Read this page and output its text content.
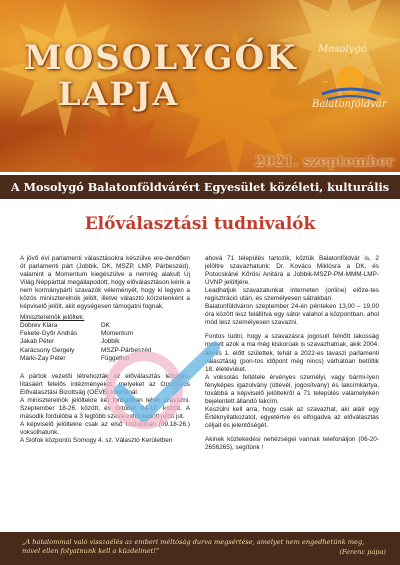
MOSOLYGÓK
LAPJA
Mosolygó
Balatonföldvár
2021. szeptember
A Mosolygó Balatonföldvárért Egyesület közéleti, kulturális lapja
Előválasztási tudnivalók

A jövő évi parlamenti választásokra készülve ere-dendően öt parlamenti párt (Jobbik, DK, MSZP, LMP, Párbeszéd), valamint a Momentum kiegészülve a nemrég alakult Új Világ Néppárttal megállapodott, hogy előválasztáson kérik a nem kormánypárti szavazók véleményét, hogy ki legyen a közös miniszterelnök jelölt, illetve választó körzetenként a képviselő jelölt, akit egységesen támogatni fognak.

Miniszterelnök jelöltek:

Dobrev Klára	DK
Fekete-Győr András	Momentum
Jakab Péter	Jobbik
Karácsony Gergely	MSZP-Párbeszéd
Márki-Zay Péter	Független

A pártok vezetői létrehozták az előválasztás lebonyo-lításáért felelős intézményeket, melyeket az Orszá-gos Előválasztási Bizottság (OEVB) koordinál.

A miniszterelnök jelöltekre két fordulóban lehet szavazni. Szeptember 18-26. között, és október 04-10. között. A második fordulóba a 3 legtöbb szava-zatot kapott jelölt jut.

A képviselő jelöltekre csak az első fordulóban (09.18-26.) voksolhatunk.

A Siófok központú Somogy 4. sz. Választó Kerületben

ahová 71 település tartozik, köztük Balatonföldvár is, 2 jelöltre szavazhatunk: Dr. Kovács Miklósra a DK, és Potocskáné Kőrösi Anitára a Jobbik-MSZP-PM-MMM-LMP-ÚVNP jelöltjére.

Leadhatjuk szavazatunkat interneten (online) előze-tes regisztráció után, és személyesen sátrakban.

Balatonföldváron szeptember 24-én pénteken 13,00 – 19,00 óra között lesz felállítva egy sátor valahol a központban, ahol mód lesz személyesen szavazni.

Fontos tudni, hogy a szavazásra jogosult felnőtt lakosság mellett azok a ma még kiskorúak is szavazhatnak, akik 2004. április 1. előtt születtek, tehát a 2022-es tavaszi parlamenti választásig (pon-tos időpont még nincs) várhatóan betöltik 18. életévüket.

A voksolás feltétele érvényes személyi, vagy bármi-lyen fényképes igazolvány (útlevél, jogosítvány) és lakcímkártya, továbbá a képviselő jelöltekről a 71 település valamelyikén bejelentett állandó lakcím.

Készülni kell arra, hogy csak az szavazhat, aki aláír egy Értéknyilatkozatot, egyetértve és elfogadva az előválasztás céljait és jelentőségét.

Akinek közlekedési nehézségei vannak telefonáljon (06-20-2656265), segítünk !

„A hatalommal való visszaélés az emberi méltóság durva megsértése, amelyet nem engedhetünk meg, mivel ellen folyatnunk kell a küzdelmet!”	(Ferenc pápa)
